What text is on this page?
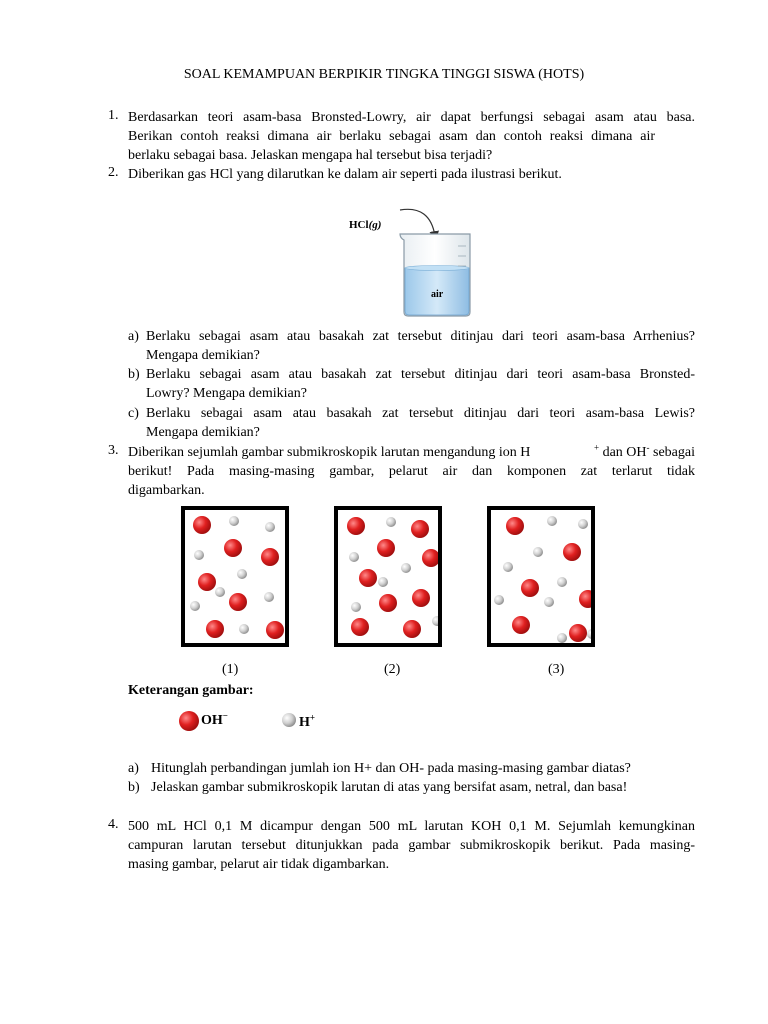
SOAL KEMAMPUAN BERPIKIR TINGKA TINGGI SISWA (HOTS)
1. Berdasarkan teori asam-basa Bronsted-Lowry, air dapat berfungsi sebagai asam atau basa.
Berikan contoh reaksi dimana air berlaku sebagai asam dan contoh reaksi dimana air
berlaku sebagai basa. Jelaskan mengapa hal tersebut bisa terjadi?
2. Diberikan gas HCl yang dilarutkan ke dalam air seperti pada ilustrasi berikut.
HCl(g)
air
a) Berlaku sebagai asam atau basakah zat tersebut ditinjau dari teori asam-basa Arrhenius?
Mengapa demikian?
b) Berlaku sebagai asam atau basakah zat tersebut ditinjau dari teori asam-basa Bronsted-
Lowry? Mengapa demikian?
c) Berlaku sebagai asam atau basakah zat tersebut ditinjau dari teori asam-basa Lewis?
Mengapa demikian?
3. Diberikan sejumlah gambar submikroskopik larutan mengandung ion H	+ dan OH- sebagai
berikut! Pada masing-masing gambar, pelarut air dan komponen zat terlarut tidak
digambarkan.
(1)	(2)	(3)
Keterangan gambar:
OH−	H+
a) Hitunglah perbandingan jumlah ion H+ dan OH- pada masing-masing gambar diatas?
b) Jelaskan gambar submikroskopik larutan di atas yang bersifat asam, netral, dan basa!
4. 500 mL HCl 0,1 M dicampur dengan 500 mL larutan KOH 0,1 M. Sejumlah kemungkinan
campuran larutan tersebut ditunjukkan pada gambar submikroskopik berikut. Pada masing-
masing gambar, pelarut air tidak digambarkan.
